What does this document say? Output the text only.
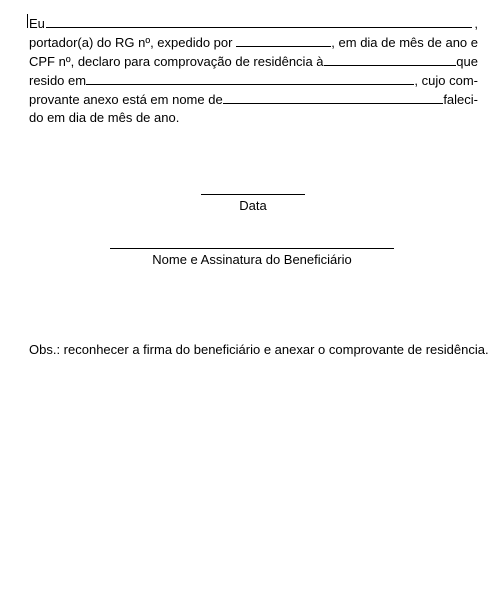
Eu	,
portador(a) do RG nº, expedido por	, em dia de mês de ano e
CPF nº, declaro para comprovação de residência à	que
resido em	, cujo com-
provante anexo está em nome de	faleci-
do em dia de mês de ano.
Data
Nome e Assinatura do Beneficiário
Obs.: reconhecer a firma do beneficiário e anexar o comprovante de residência.
